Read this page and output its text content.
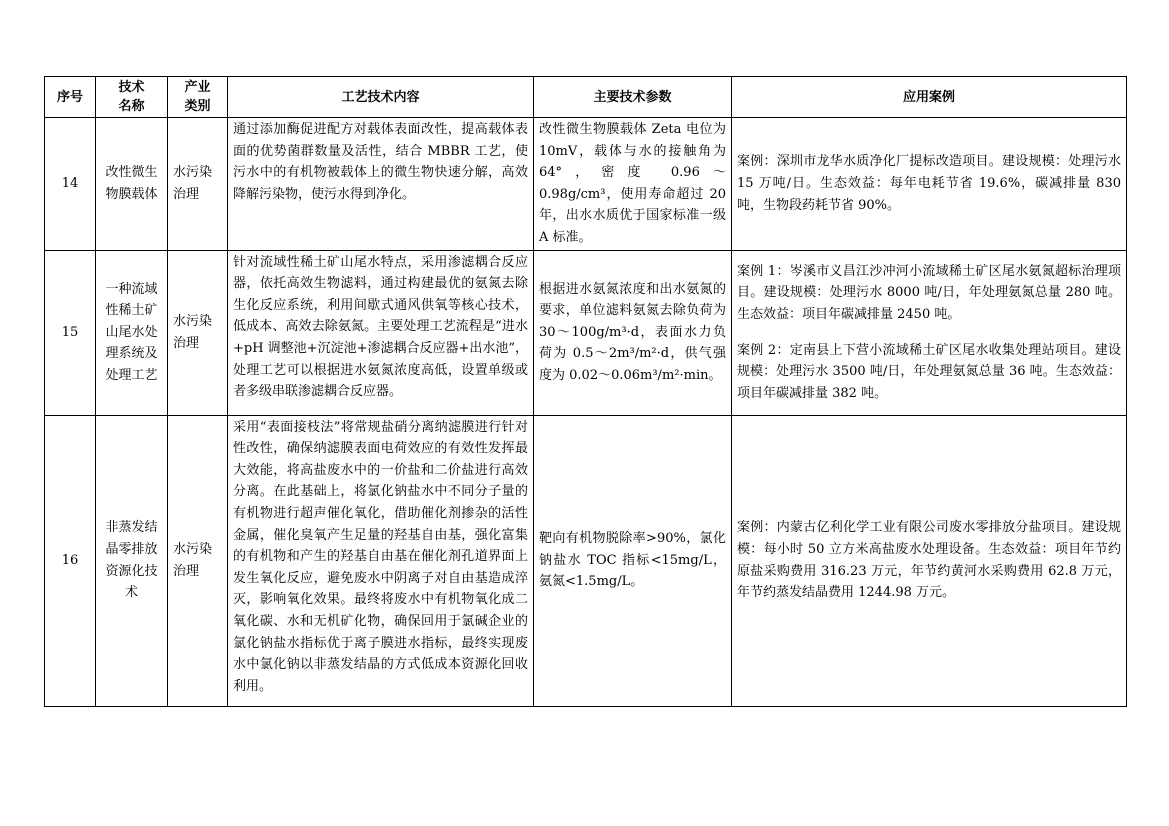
序号	技术名称	产业类别	工艺技术内容	主要技术参数	应用案例
14	改性微生物膜载体	水污染治理	通过添加酶促进配方对载体表面改性，提高载体表面的优势菌群数量及活性，结合 MBBR 工艺，使污水中的有机物被载体上的微生物快速分解，高效降解污染物，使污水得到净化。	改性微生物膜载体 Zeta 电位为 10mV，载体与水的接触角为 64°，密度 0.96～0.98g/cm³，使用寿命超过 20 年，出水水质优于国家标准一级 A 标准。	案例：深圳市龙华水质净化厂提标改造项目。建设规模：处理污水 15 万吨/日。生态效益：每年电耗节省 19.6%，碳减排量 830 吨，生物段药耗节省 90%。

15	一种流域性稀土矿山尾水处理系统及处理工艺	水污染治理	针对流域性稀土矿山尾水特点，采用渗滤耦合反应器，依托高效生物滤料，通过构建最优的氨氮去除生化反应系统，利用间歇式通风供氧等核心技术，低成本、高效去除氨氮。主要处理工艺流程是“进水+pH 调整池+沉淀池+渗滤耦合反应器+出水池”，处理工艺可以根据进水氨氮浓度高低，设置单级或者多级串联渗滤耦合反应器。	根据进水氨氮浓度和出水氨氮的要求，单位滤料氨氮去除负荷为 30～100g/m³·d，表面水力负荷为 0.5～2m³/m²·d，供气强度为 0.02～0.06m³/m²·min。	案例 1：岑溪市义昌江沙冲河小流域稀土矿区尾水氨氮超标治理项目。建设规模：处理污水 8000 吨/日，年处理氨氮总量 280 吨。生态效益：项目年碳减排量 2450 吨。
案例 2：定南县上下营小流域稀土矿区尾水收集处理站项目。建设规模：处理污水 3500 吨/日，年处理氨氮总量 36 吨。生态效益：项目年碳减排量 382 吨。

16	非蒸发结晶零排放资源化技术	水污染治理	采用“表面接枝法”将常规盐硝分离纳滤膜进行针对性改性，确保纳滤膜表面电荷效应的有效性发挥最大效能，将高盐废水中的一价盐和二价盐进行高效分离。在此基础上，将氯化钠盐水中不同分子量的有机物进行超声催化氧化，借助催化剂掺杂的活性金属，催化臭氧产生足量的羟基自由基，强化富集的有机物和产生的羟基自由基在催化剂孔道界面上发生氧化反应，避免废水中阴离子对自由基造成淬灭，影响氧化效果。最终将废水中有机物氧化成二氧化碳、水和无机矿化物，确保回用于氯碱企业的氯化钠盐水指标优于离子膜进水指标，最终实现废水中氯化钠以非蒸发结晶的方式低成本资源化回收利用。	靶向有机物脱除率>90%，氯化钠盐水 TOC 指标<15mg/L，氨氮<1.5mg/L。	案例：内蒙古亿利化学工业有限公司废水零排放分盐项目。建设规模：每小时 50 立方米高盐废水处理设备。生态效益：项目年节约原盐采购费用 316.23 万元，年节约黄河水采购费用 62.8 万元，年节约蒸发结晶费用 1244.98 万元。
